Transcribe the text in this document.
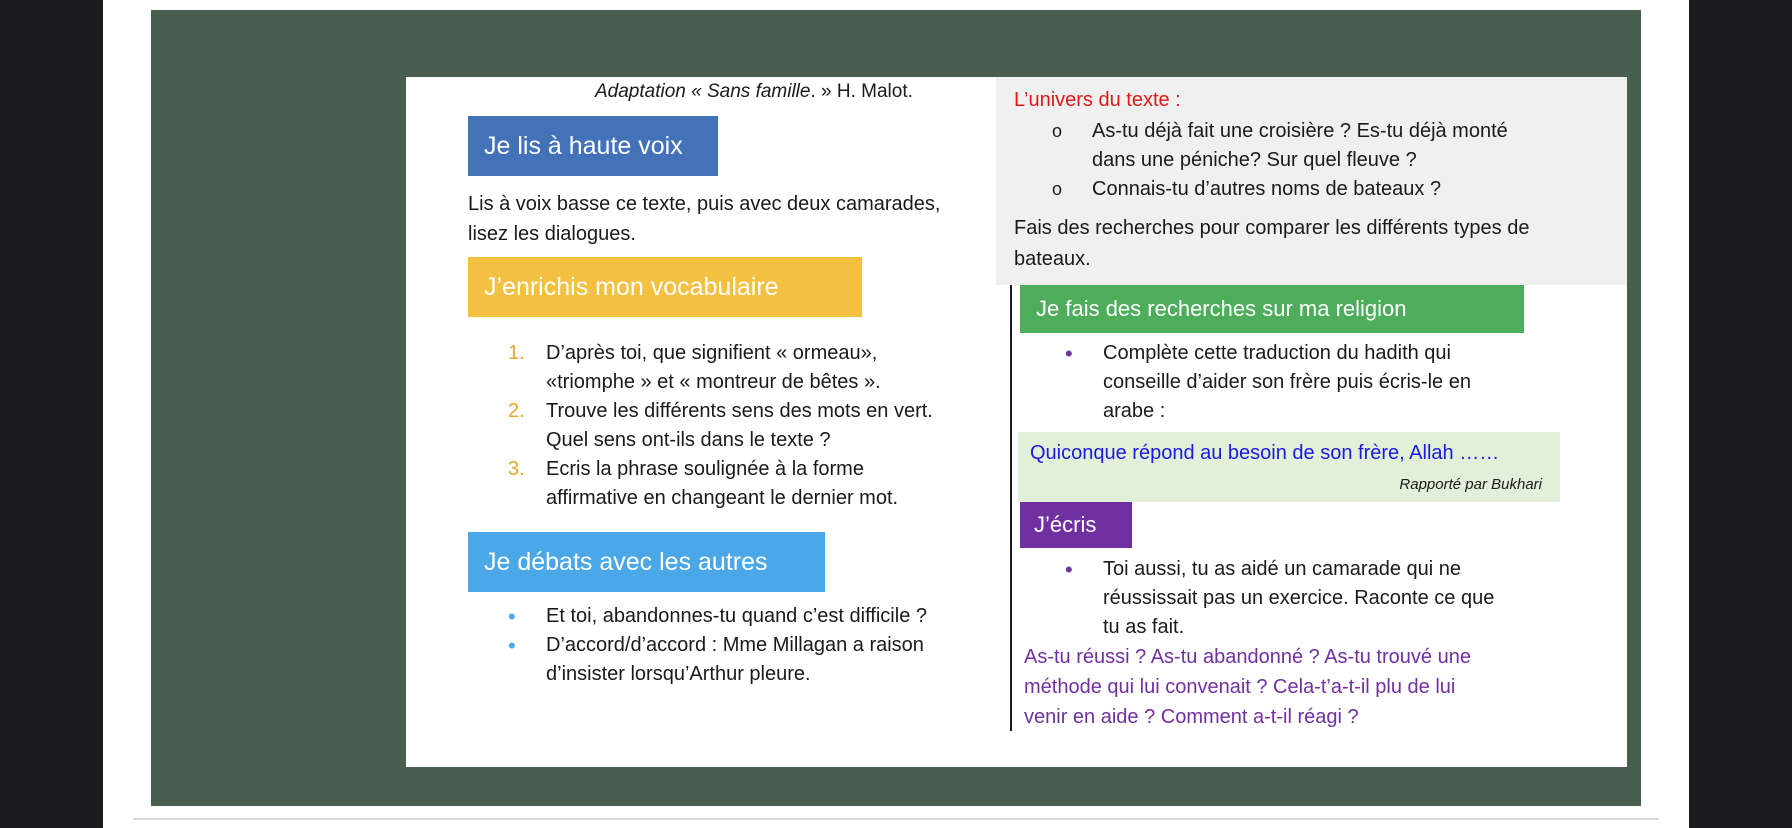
Adaptation « Sans famille. » H. Malot.
Je lis à haute voix
Lis à voix basse ce texte, puis avec deux camarades,
lisez les dialogues.
J’enrichis mon vocabulaire
1. D’après toi, que signifient « ormeau»,
«triomphe » et « montreur de bêtes ».
2. Trouve les différents sens des mots en vert.
Quel sens ont-ils dans le texte ?
3. Ecris la phrase soulignée à la forme
affirmative en changeant le dernier mot.
Je débats avec les autres
• Et toi, abandonnes-tu quand c’est difficile ?
• D’accord/d’accord : Mme Millagan a raison
d’insister lorsqu’Arthur pleure.
L’univers du texte :
o As-tu déjà fait une croisière ? Es-tu déjà monté
dans une péniche? Sur quel fleuve ?
o Connais-tu d’autres noms de bateaux ?
Fais des recherches pour comparer les différents types de
bateaux.
Je fais des recherches sur ma religion
• Complète cette traduction du hadith qui
conseille d’aider son frère puis écris-le en
arabe :
Quiconque répond au besoin de son frère, Allah ……
Rapporté par Bukhari
J’écris
• Toi aussi, tu as aidé un camarade qui ne
réussissait pas un exercice. Raconte ce que
tu as fait.
As-tu réussi ? As-tu abandonné ? As-tu trouvé une
méthode qui lui convenait ? Cela-t’a-t-il plu de lui
venir en aide ? Comment a-t-il réagi ?
